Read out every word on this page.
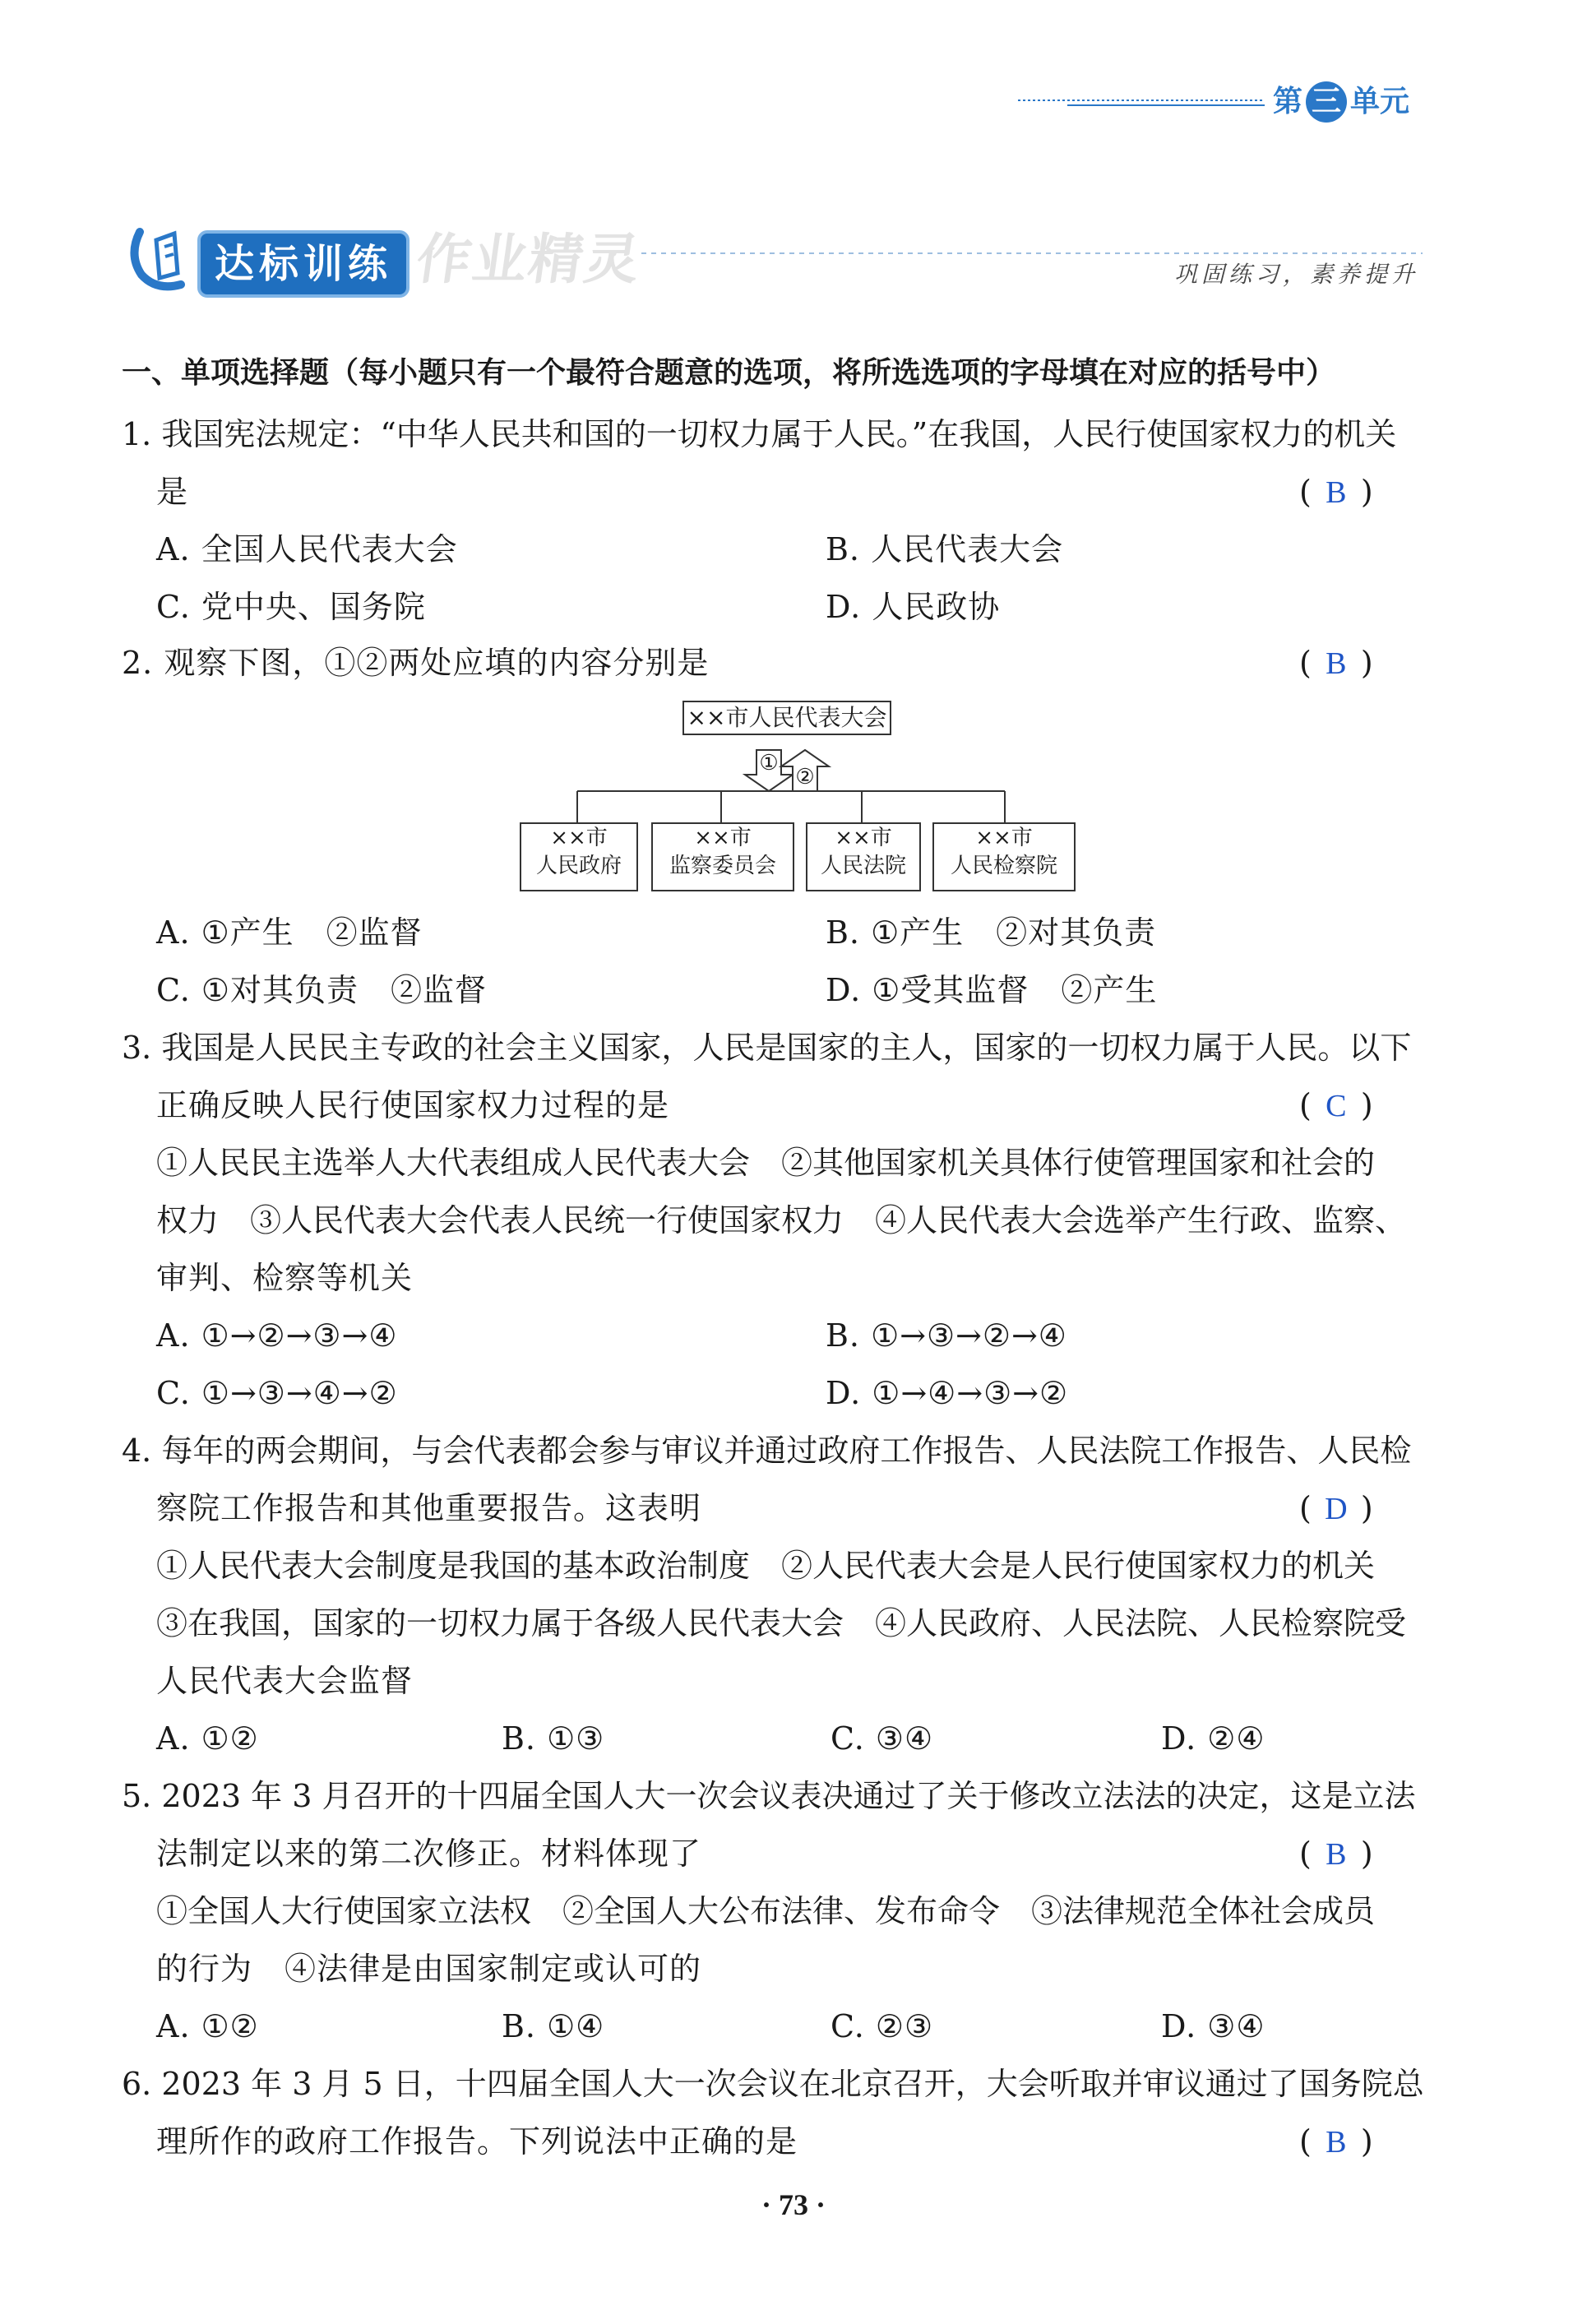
第 三 单元
达标训练 作业精灵	巩固练习，素养提升
一、单项选择题（每小题只有一个最符合题意的选项，将所选选项的字母填在对应的括号中）
1. 我国宪法规定：“中华人民共和国的一切权力属于人民。”在我国，人民行使国家权力的机关
是	( B )
A. 全国人民代表大会	B. 人民代表大会
C. 党中央、国务院	D. 人民政协
2. 观察下图，①②两处应填的内容分别是	( B )
××市人民代表大会
①
②
××市
人民政府
××市
监察委员会
××市
人民法院
××市
人民检察院
A. ①产生　②监督	B. ①产生　②对其负责
C. ①对其负责　②监督	D. ①受其监督　②产生
3. 我国是人民民主专政的社会主义国家，人民是国家的主人，国家的一切权力属于人民。以下
正确反映人民行使国家权力过程的是	( C )
①人民民主选举人大代表组成人民代表大会　②其他国家机关具体行使管理国家和社会的
权力　③人民代表大会代表人民统一行使国家权力　④人民代表大会选举产生行政、监察、
审判、检察等机关
A. ①→②→③→④	B. ①→③→②→④
C. ①→③→④→②	D. ①→④→③→②
4. 每年的两会期间，与会代表都会参与审议并通过政府工作报告、人民法院工作报告、人民检
察院工作报告和其他重要报告。这表明	( D )
①人民代表大会制度是我国的基本政治制度　②人民代表大会是人民行使国家权力的机关
③在我国，国家的一切权力属于各级人民代表大会　④人民政府、人民法院、人民检察院受
人民代表大会监督
A. ①②	B. ①③	C. ③④	D. ②④
5. 2023 年 3 月召开的十四届全国人大一次会议表决通过了关于修改立法法的决定，这是立法
法制定以来的第二次修正。材料体现了	( B )
①全国人大行使国家立法权　②全国人大公布法律、发布命令　③法律规范全体社会成员
的行为　④法律是由国家制定或认可的
A. ①②	B. ①④	C. ②③	D. ③④
6. 2023 年 3 月 5 日，十四届全国人大一次会议在北京召开，大会听取并审议通过了国务院总
理所作的政府工作报告。下列说法中正确的是	( B )
· 73 ·
